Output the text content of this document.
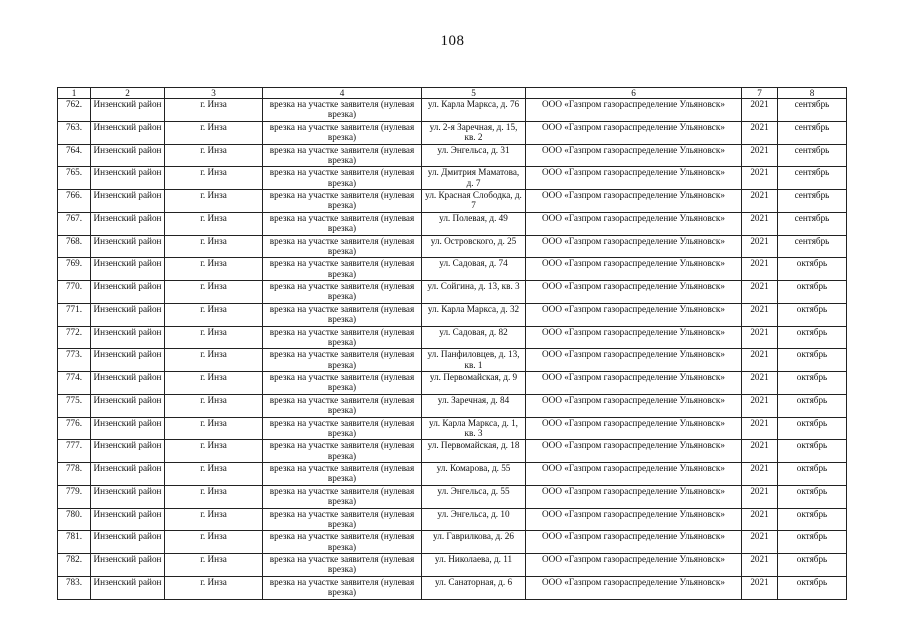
108
1	2	3	4	5	6	7	8
762.	Инзенский район	г. Инза	врезка на участке заявителя (нулевая врезка)	ул. Карла Маркса, д. 76	ООО «Газпром газораспределение Ульяновск»	2021	сентябрь
763.	Инзенский район	г. Инза	врезка на участке заявителя (нулевая врезка)	ул. 2-я Заречная, д. 15, кв. 2	ООО «Газпром газораспределение Ульяновск»	2021	сентябрь
764.	Инзенский район	г. Инза	врезка на участке заявителя (нулевая врезка)	ул. Энгельса, д. 31	ООО «Газпром газораспределение Ульяновск»	2021	сентябрь
765.	Инзенский район	г. Инза	врезка на участке заявителя (нулевая врезка)	ул. Дмитрия Маматова, д. 7	ООО «Газпром газораспределение Ульяновск»	2021	сентябрь
766.	Инзенский район	г. Инза	врезка на участке заявителя (нулевая врезка)	ул. Красная Слободка, д. 7	ООО «Газпром газораспределение Ульяновск»	2021	сентябрь
767.	Инзенский район	г. Инза	врезка на участке заявителя (нулевая врезка)	ул. Полевая, д. 49	ООО «Газпром газораспределение Ульяновск»	2021	сентябрь
768.	Инзенский район	г. Инза	врезка на участке заявителя (нулевая врезка)	ул. Островского, д. 25	ООО «Газпром газораспределение Ульяновск»	2021	сентябрь
769.	Инзенский район	г. Инза	врезка на участке заявителя (нулевая врезка)	ул. Садовая, д. 74	ООО «Газпром газораспределение Ульяновск»	2021	октябрь
770.	Инзенский район	г. Инза	врезка на участке заявителя (нулевая врезка)	ул. Сойгина, д. 13, кв. 3	ООО «Газпром газораспределение Ульяновск»	2021	октябрь
771.	Инзенский район	г. Инза	врезка на участке заявителя (нулевая врезка)	ул. Карла Маркса, д. 32	ООО «Газпром газораспределение Ульяновск»	2021	октябрь
772.	Инзенский район	г. Инза	врезка на участке заявителя (нулевая врезка)	ул. Садовая, д. 82	ООО «Газпром газораспределение Ульяновск»	2021	октябрь
773.	Инзенский район	г. Инза	врезка на участке заявителя (нулевая врезка)	ул. Панфиловцев, д. 13, кв. 1	ООО «Газпром газораспределение Ульяновск»	2021	октябрь
774.	Инзенский район	г. Инза	врезка на участке заявителя (нулевая врезка)	ул. Первомайская, д. 9	ООО «Газпром газораспределение Ульяновск»	2021	октябрь
775.	Инзенский район	г. Инза	врезка на участке заявителя (нулевая врезка)	ул. Заречная, д. 84	ООО «Газпром газораспределение Ульяновск»	2021	октябрь
776.	Инзенский район	г. Инза	врезка на участке заявителя (нулевая врезка)	ул. Карла Маркса, д. 1, кв. 3	ООО «Газпром газораспределение Ульяновск»	2021	октябрь
777.	Инзенский район	г. Инза	врезка на участке заявителя (нулевая врезка)	ул. Первомайская, д. 18	ООО «Газпром газораспределение Ульяновск»	2021	октябрь
778.	Инзенский район	г. Инза	врезка на участке заявителя (нулевая врезка)	ул. Комарова, д. 55	ООО «Газпром газораспределение Ульяновск»	2021	октябрь
779.	Инзенский район	г. Инза	врезка на участке заявителя (нулевая врезка)	ул. Энгельса, д. 55	ООО «Газпром газораспределение Ульяновск»	2021	октябрь
780.	Инзенский район	г. Инза	врезка на участке заявителя (нулевая врезка)	ул. Энгельса, д. 10	ООО «Газпром газораспределение Ульяновск»	2021	октябрь
781.	Инзенский район	г. Инза	врезка на участке заявителя (нулевая врезка)	ул. Гаврилкова, д. 26	ООО «Газпром газораспределение Ульяновск»	2021	октябрь
782.	Инзенский район	г. Инза	врезка на участке заявителя (нулевая врезка)	ул. Николаева, д. 11	ООО «Газпром газораспределение Ульяновск»	2021	октябрь
783.	Инзенский район	г. Инза	врезка на участке заявителя (нулевая врезка)	ул. Санаторная, д. 6	ООО «Газпром газораспределение Ульяновск»	2021	октябрь
